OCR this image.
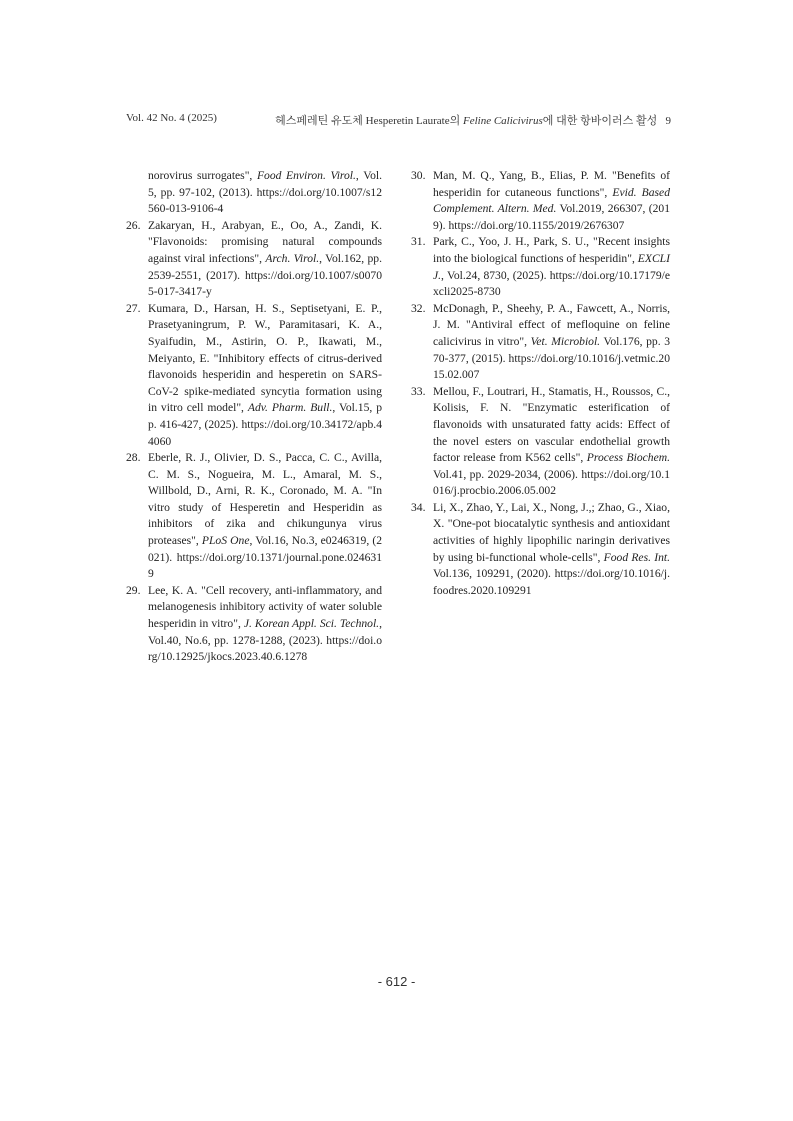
Vol. 42 No. 4 (2025)	헤스페레틴 유도체 Hesperetin Laurate의 Feline Calicivirus에 대한 항바이러스 활성 9

norovirus surrogates", Food Environ. Virol., Vol.5, pp. 97-102, (2013). https://doi.org/10.1007/s12560-013-9106-4

26. Zakaryan, H., Arabyan, E., Oo, A., Zandi, K. "Flavonoids: promising natural compounds against viral infections", Arch. Virol., Vol.162, pp. 2539-2551, (2017). https://doi.org/10.1007/s00705-017-3417-y

27. Kumara, D., Harsan, H. S., Septisetyani, E. P., Prasetyaningrum, P. W., Paramitasari, K. A., Syaifudin, M., Astirin, O. P., Ikawati, M., Meiyanto, E. "Inhibitory effects of citrus-derived flavonoids hesperidin and hesperetin on SARS-CoV-2 spike-mediated syncytia formation using in vitro cell model", Adv. Pharm. Bull., Vol.15, pp. 416-427, (2025). https://doi.org/10.34172/apb.44060

28. Eberle, R. J., Olivier, D. S., Pacca, C. C., Avilla, C. M. S., Nogueira, M. L., Amaral, M. S., Willbold, D., Arni, R. K., Coronado, M. A. "In vitro study of Hesperetin and Hesperidin as inhibitors of zika and chikungunya virus proteases", PLoS One, Vol.16, No.3, e0246319, (2021). https://doi.org/10.1371/journal.pone.0246319

29. Lee, K. A. "Cell recovery, anti-inflammatory, and melanogenesis inhibitory activity of water soluble hesperidin in vitro", J. Korean Appl. Sci. Technol., Vol.40, No.6, pp. 1278-1288, (2023). https://doi.org/10.12925/jkocs.2023.40.6.1278

30. Man, M. Q., Yang, B., Elias, P. M. "Benefits of hesperidin for cutaneous functions", Evid. Based Complement. Altern. Med. Vol.2019, 266307, (2019). https://doi.org/10.1155/2019/2676307

31. Park, C., Yoo, J. H., Park, S. U., "Recent insights into the biological functions of hesperidin", EXCLI J., Vol.24, 8730, (2025). https://doi.org/10.17179/excli2025-8730

32. McDonagh, P., Sheehy, P. A., Fawcett, A., Norris, J. M. "Antiviral effect of mefloquine on feline calicivirus in vitro", Vet. Microbiol. Vol.176, pp. 370-377, (2015). https://doi.org/10.1016/j.vetmic.2015.02.007

33. Mellou, F., Loutrari, H., Stamatis, H., Roussos, C., Kolisis, F. N. "Enzymatic esterification of flavonoids with unsaturated fatty acids: Effect of the novel esters on vascular endothelial growth factor release from K562 cells", Process Biochem. Vol.41, pp. 2029-2034, (2006). https://doi.org/10.1016/j.procbio.2006.05.002

34. Li, X., Zhao, Y., Lai, X., Nong, J.,; Zhao, G., Xiao, X. "One-pot biocatalytic synthesis and antioxidant activities of highly lipophilic naringin derivatives by using bi-functional whole-cells", Food Res. Int. Vol.136, 109291, (2020). https://doi.org/10.1016/j.foodres.2020.109291

- 612 -
